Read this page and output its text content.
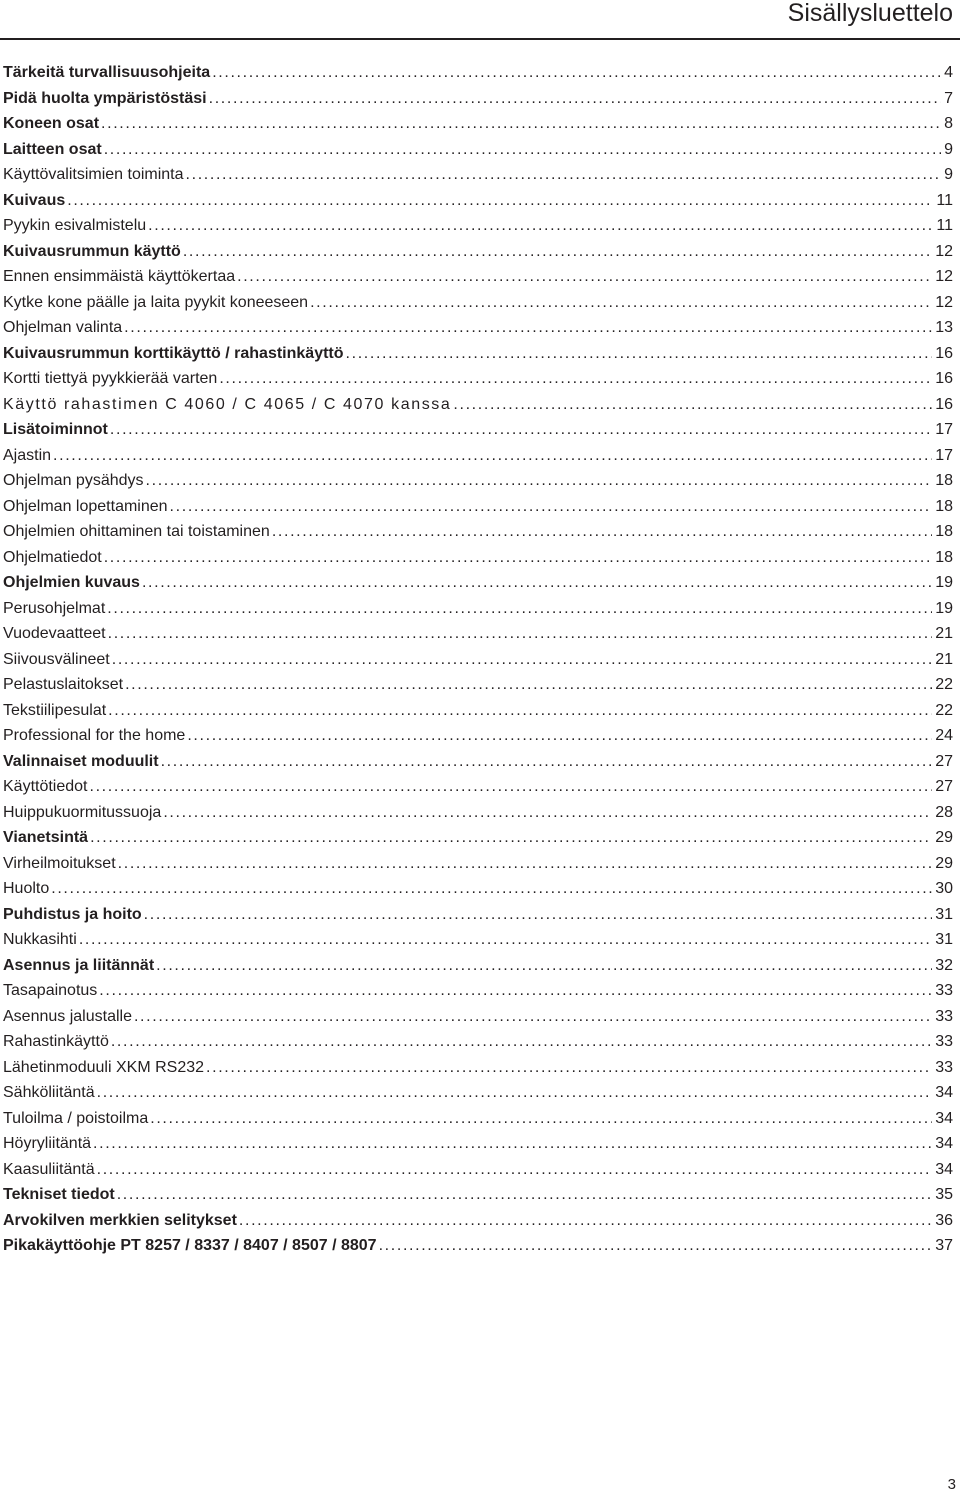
Sisällysluettelo
Tärkeitä turvallisuusohjeita . . .	4
Pidä huolta ympäristöstäsi . . .	7
Koneen osat . . .	8
Laitteen osat . . .	9
Käyttövalitsimien toiminta . . .	9
Kuivaus . . .	11
Pyykin esivalmistelu . . .	11
Kuivausrummun käyttö . . .	12
Ennen ensimmäistä käyttökertaa . . .	12
Kytke kone päälle ja laita pyykit koneeseen . . .	12
Ohjelman valinta . . .	13
Kuivausrummun korttikäyttö / rahastinkäyttö . . .	16
Kortti tiettyä pyykkierää varten . . .	16
Käyttö rahastimen C 4060 / C 4065 / C 4070 kanssa . . .	16
Lisätoiminnot . . .	17
Ajastin . . .	17
Ohjelman pysähdys . . .	18
Ohjelman lopettaminen . . .	18
Ohjelmien ohittaminen tai toistaminen . . .	18
Ohjelmatiedot . . .	18
Ohjelmien kuvaus . . .	19
Perusohjelmat . . .	19
Vuodevaatteet . . .	21
Siivousvälineet . . .	21
Pelastuslaitokset . . .	22
Tekstiilipesulat . . .	22
Professional for the home . . .	24
Valinnaiset moduulit . . .	27
Käyttötiedot . . .	27
Huippukuormitussuoja . . .	28
Vianetsintä . . .	29
Virheilmoitukset . . .	29
Huolto . . .	30
Puhdistus ja hoito . . .	31
Nukkasihti . . .	31
Asennus ja liitännät . . .	32
Tasapainotus . . .	33
Asennus jalustalle . . .	33
Rahastinkäyttö . . .	33
Lähetinmoduuli XKM RS232 . . .	33
Sähköliitäntä . . .	34
Tuloilma / poistoilma . . .	34
Höyryliitäntä . . .	34
Kaasuliitäntä . . .	34
Tekniset tiedot . . .	35
Arvokilven merkkien selitykset . . .	36
Pikakäyttöohje PT 8257 / 8337 / 8407 / 8507 / 8807 . . .	37
3
